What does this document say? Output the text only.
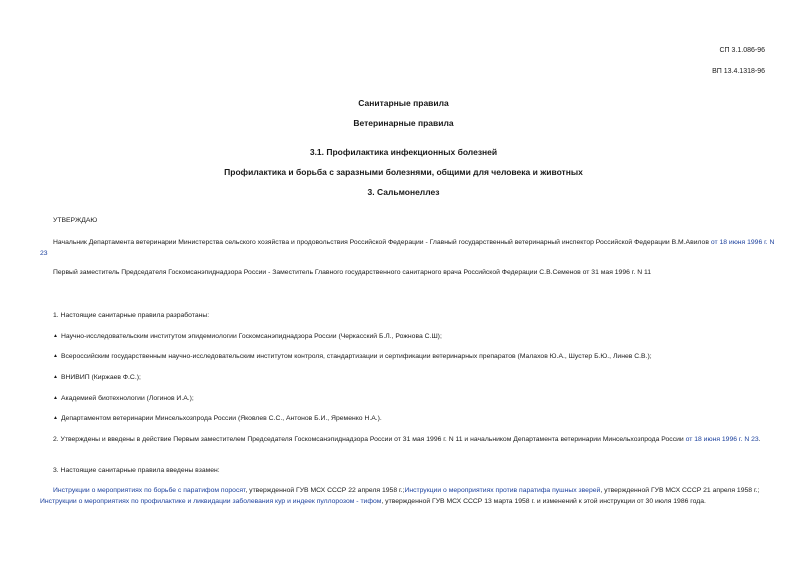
СП 3.1.086-96
ВП 13.4.1318-96
Санитарные правила
Ветеринарные правила
3.1. Профилактика инфекционных болезней
Профилактика и борьба с заразными болезнями, общими для человека и животных
3. Сальмонеллез
УТВЕРЖДАЮ
Начальник Департамента ветеринарии Министерства сельского хозяйства и продовольствия Российской Федерации - Главный государственный ветеринарный инспектор Российской Федерации В.М.Авилов от 18 июня 1996 г. N 23
Первый заместитель Председателя Госкомсанэпиднадзора России - Заместитель Главного государственного санитарного врача Российской Федерации С.В.Семенов от 31 мая 1996 г. N 11
1. Настоящие санитарные правила разработаны:
▲ Научно-исследовательским институтом эпидемиологии Госкомсанэпиднадзора России (Черкасский Б.Л., Рожнова С.Ш);
▲ Всероссийским государственным научно-исследовательским институтом контроля, стандартизации и сертификации ветеринарных препаратов (Малахов Ю.А., Шустер Б.Ю., Линев С.В.);
▲ ВНИВИП (Киржаев Ф.С.);
▲ Академией биотехнологии (Логинов И.А.);
▲ Департаментом ветеринарии Минсельхозпрода России (Яковлев С.С., Антонов Б.И., Яременко Н.А.).
2. Утверждены и введены в действие Первым заместителем Председателя Госкомсанэпиднадзора России от 31 мая 1996 г. N 11 и начальником Департамента ветеринарии Минсельхозпрода России от 18 июня 1996 г. N 23.
3. Настоящие санитарные правила введены взамен:
Инструкции о мероприятиях по борьбе с паратифом поросят, утвержденной ГУВ МСХ СССР 22 апреля 1958 г.;Инструкции о мероприятиях против паратифа пушных зверей, утвержденной ГУВ МСХ СССР 21 апреля 1958 г.; Инструкции о мероприятиях по профилактике и ликвидации заболевания кур и индеек пуллорозом - тифом, утвержденной ГУВ МСХ СССР 13 марта 1958 г. и изменений к этой инструкции от 30 июля 1986 года.
